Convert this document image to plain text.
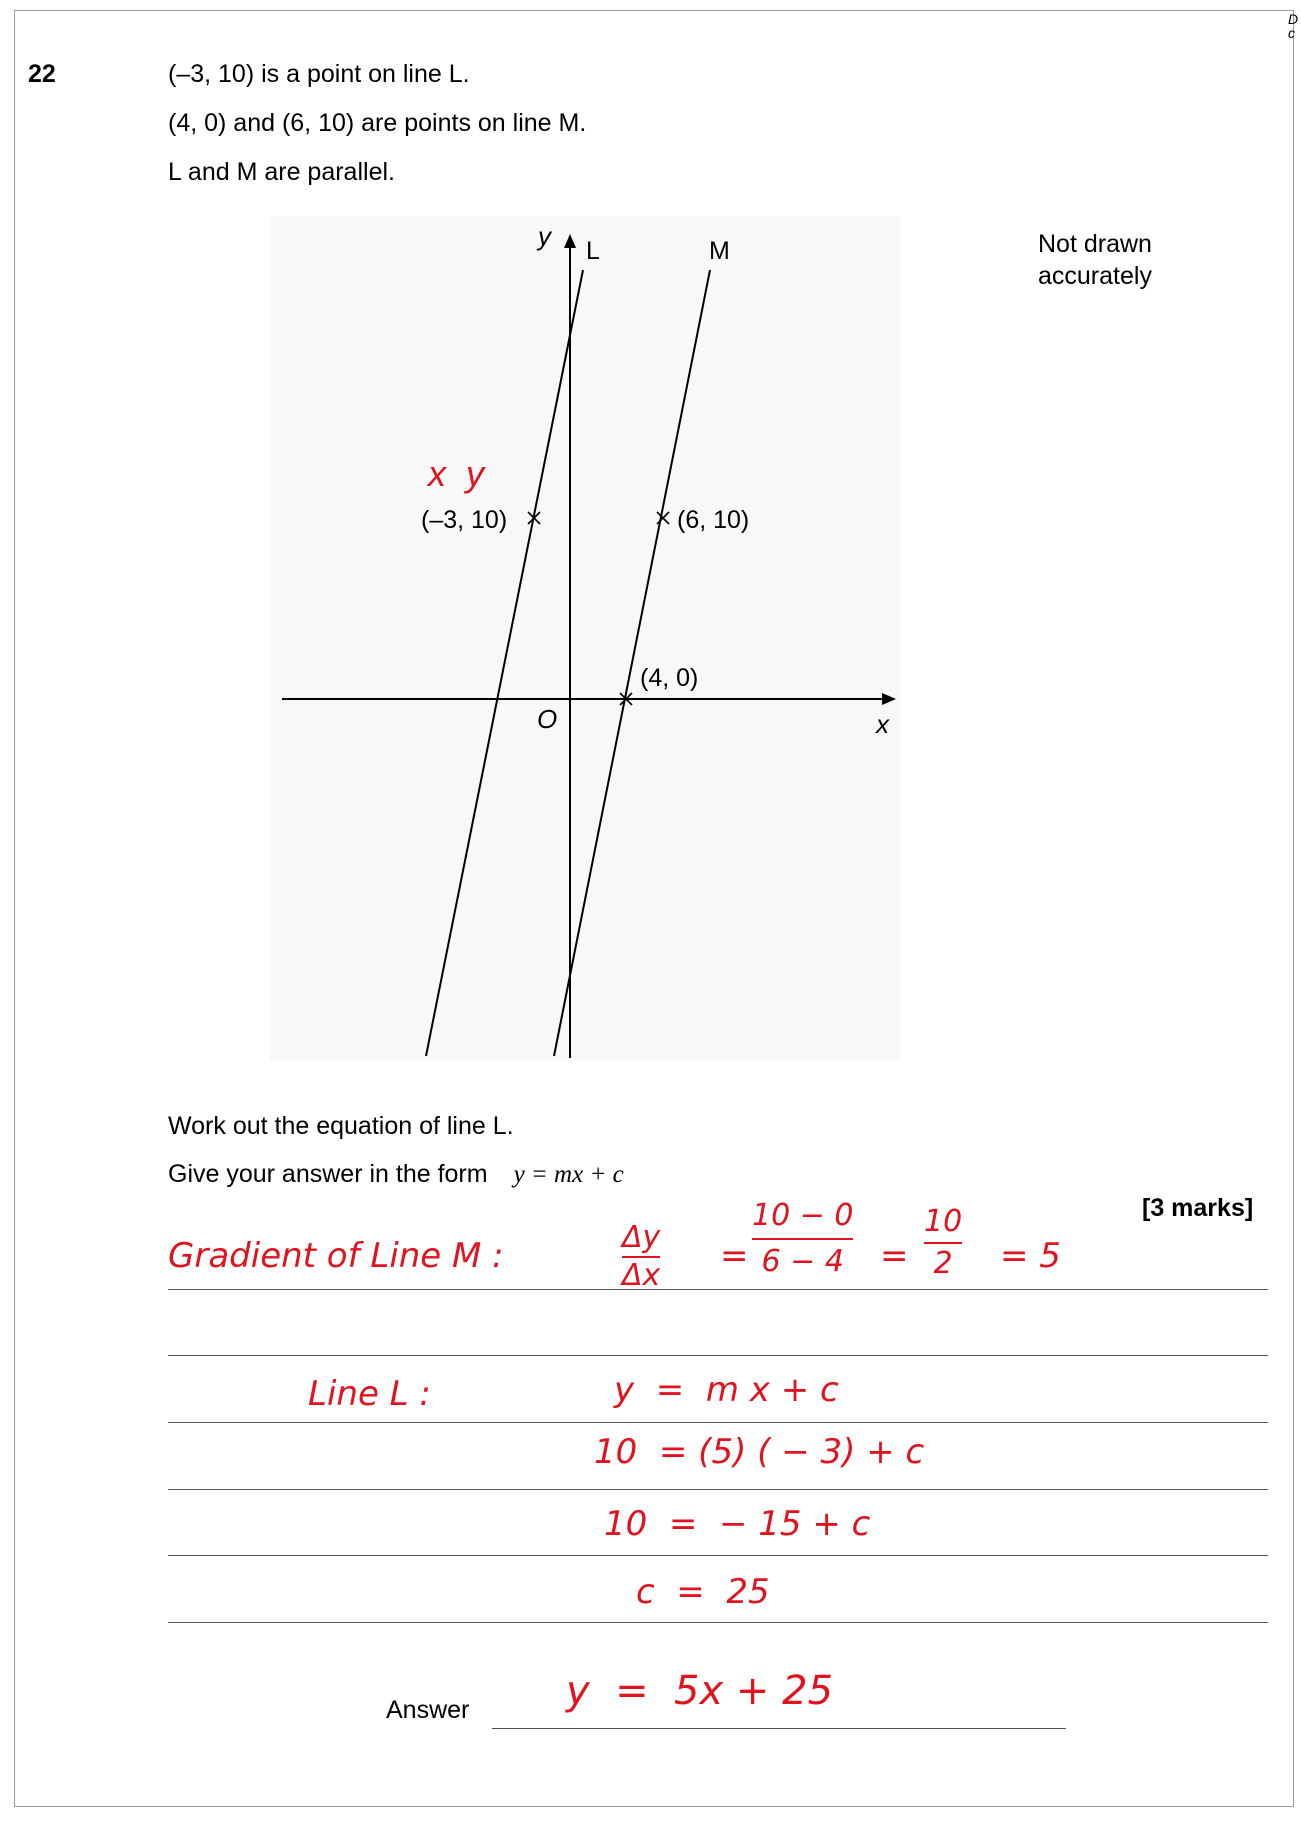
D
c
22	(–3, 10) is a point on line L.
(4, 0) and (6, 10) are points on line M.
L and M are parallel.
Not drawn
accurately
y
x
O
L	M
(–3, 10)	(6, 10)
(4, 0)
x  y
Work out the equation of line L.
Give your answer in the form y = mx + c
[3 marks]
Gradient of Line M :	Δy
$\Delta x = \frac{10 - 0}{6 - 4} = \frac{10}{2} = 5$
Line L :	y  =  m x + c
10  = (5) ( − 3) + c
10  =  − 15 + c
c  =  25
Answer y  =  5x + 25
